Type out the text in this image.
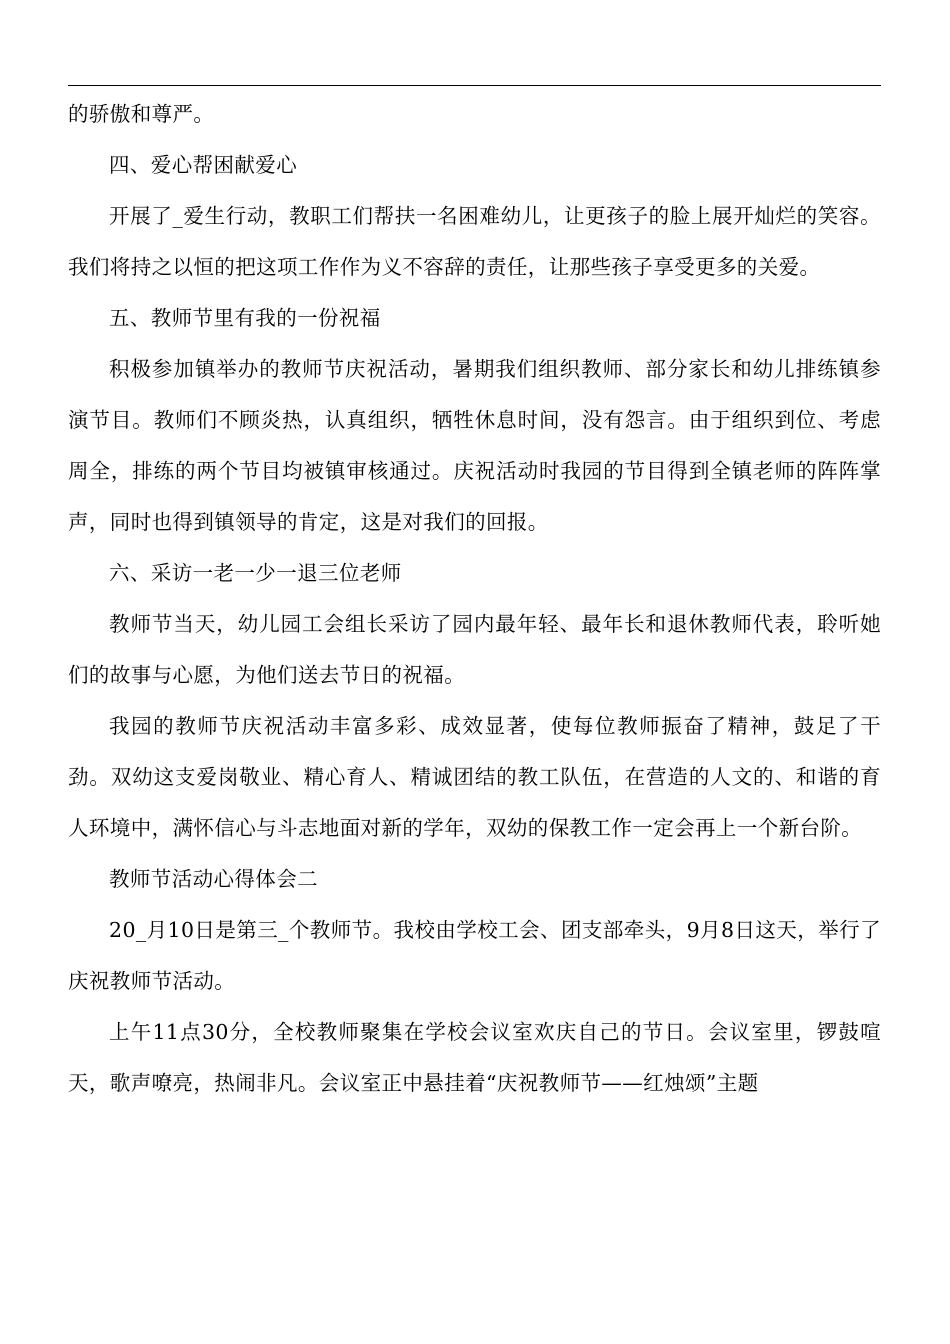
的骄傲和尊严。

四、爱心帮困献爱心

开展了_爱生行动，教职工们帮扶一名困难幼儿，让更孩子的脸上展开灿烂的笑容。我们将持之以恒的把这项工作作为义不容辞的责任，让那些孩子享受更多的关爱。

五、教师节里有我的一份祝福

积极参加镇举办的教师节庆祝活动，暑期我们组织教师、部分家长和幼儿排练镇参演节目。教师们不顾炎热，认真组织，牺牲休息时间，没有怨言。由于组织到位、考虑周全，排练的两个节目均被镇审核通过。庆祝活动时我园的节目得到全镇老师的阵阵掌声，同时也得到镇领导的肯定，这是对我们的回报。

六、采访一老一少一退三位老师

教师节当天，幼儿园工会组长采访了园内最年轻、最年长和退休教师代表，聆听她们的故事与心愿，为他们送去节日的祝福。

我园的教师节庆祝活动丰富多彩、成效显著，使每位教师振奋了精神，鼓足了干劲。双幼这支爱岗敬业、精心育人、精诚团结的教工队伍，在营造的人文的、和谐的育人环境中，满怀信心与斗志地面对新的学年，双幼的保教工作一定会再上一个新台阶。

教师节活动心得体会二

20_月10日是第三_个教师节。我校由学校工会、团支部牵头，9月8日这天，举行了庆祝教师节活动。

上午11点30分，全校教师聚集在学校会议室欢庆自己的节日。会议室里，锣鼓喧天，歌声嘹亮，热闹非凡。会议室正中悬挂着“庆祝教师节——红烛颂”主题
